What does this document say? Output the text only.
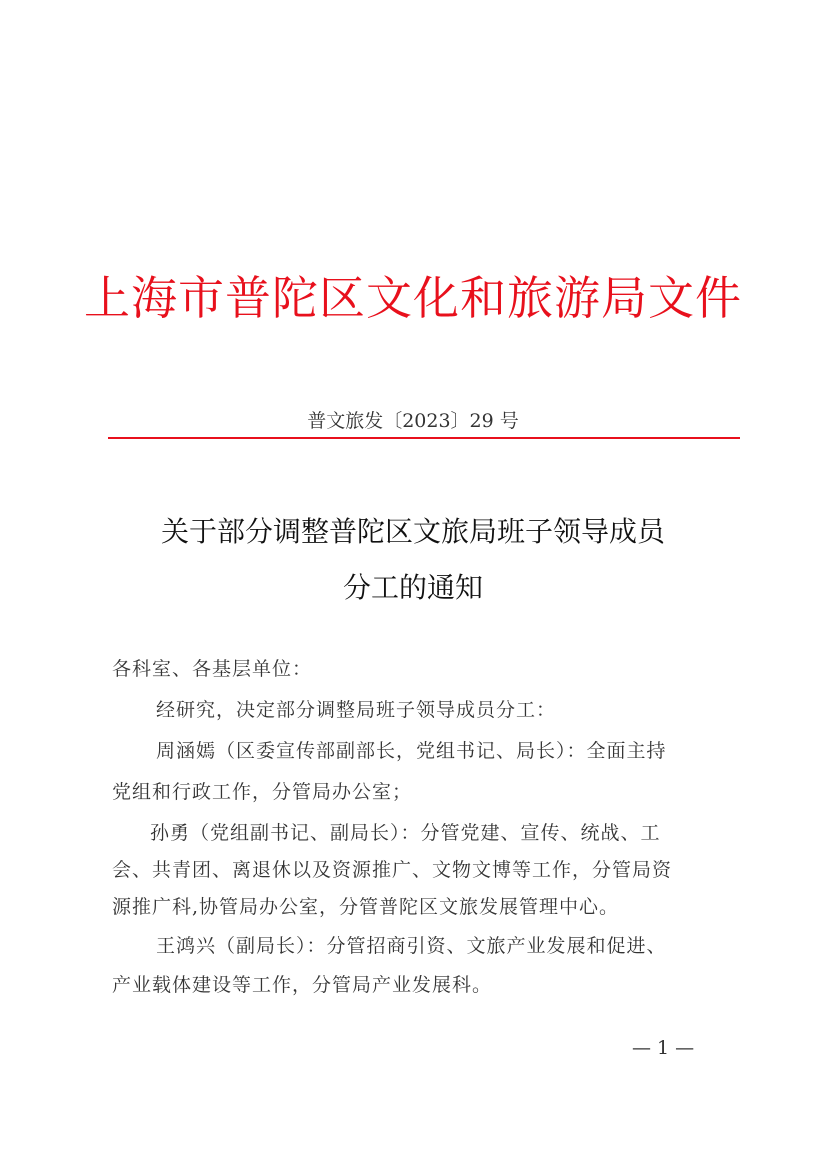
上海市普陀区文化和旅游局文件
普文旅发〔2023〕29 号
关于部分调整普陀区文旅局班子领导成员
分工的通知
各科室、各基层单位：
经研究，决定部分调整局班子领导成员分工：
周涵嫣（区委宣传部副部长，党组书记、局长）：全面主持
党组和行政工作，分管局办公室；
孙勇（党组副书记、副局长）：分管党建、宣传、统战、工
会、共青团、离退休以及资源推广、文物文博等工作，分管局资
源推广科,协管局办公室，分管普陀区文旅发展管理中心。
王鸿兴（副局长）：分管招商引资、文旅产业发展和促进、
产业载体建设等工作，分管局产业发展科。
— 1 —
